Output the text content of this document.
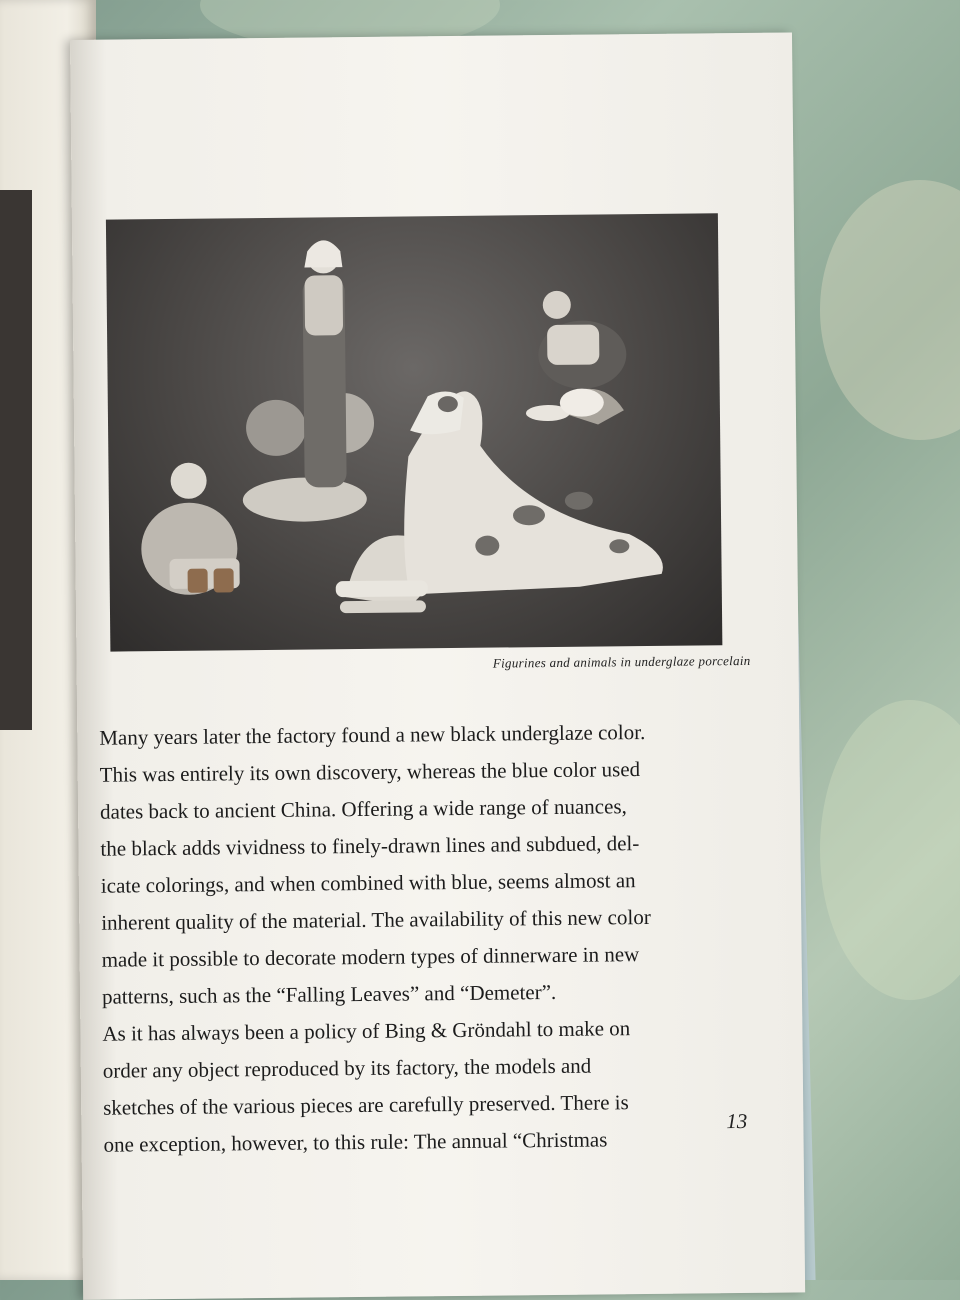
Figurines and animals in underglaze porcelain
Many years later the factory found a new black underglaze color.
This was entirely its own discovery, whereas the blue color used
dates back to ancient China. Offering a wide range of nuances,
the black adds vividness to finely-drawn lines and subdued, del-
icate colorings, and when combined with blue, seems almost an
inherent quality of the material. The availability of this new color
made it possible to decorate modern types of dinnerware in new
patterns, such as the “Falling Leaves” and “Demeter”.
As it has always been a policy of Bing & Gröndahl to make on
order any object reproduced by its factory, the models and
sketches of the various pieces are carefully preserved. There is
one exception, however, to this rule: The annual “Christmas
13
